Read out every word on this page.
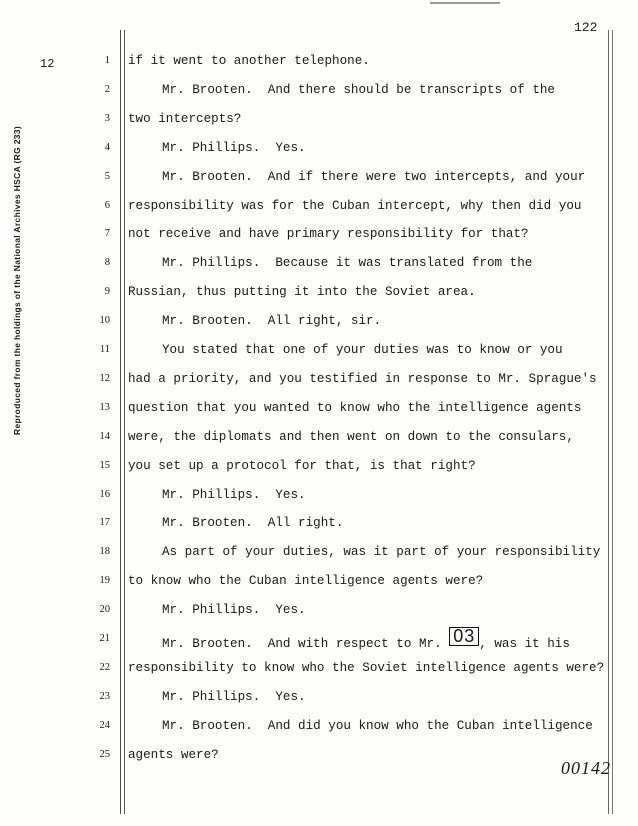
122
12
Reproduced from the holdings of the National Archives HSCA (RG 233)
1 if it went to another telephone.
2	Mr. Brooten.  And there should be transcripts of the
3 two intercepts?
4	Mr. Phillips.  Yes.
5	Mr. Brooten.  And if there were two intercepts, and your
6 responsibility was for the Cuban intercept, why then did you
7 not receive and have primary responsibility for that?
8	Mr. Phillips.  Because it was translated from the
9 Russian, thus putting it into the Soviet area.
10	Mr. Brooten.  All right, sir.
11	You stated that one of your duties was to know or you
12 had a priority, and you testified in response to Mr. Sprague's
13 question that you wanted to know who the intelligence agents
14 were, the diplomats and then went on down to the consulars,
15 you set up a protocol for that, is that right?
16	Mr. Phillips.  Yes.
17	Mr. Brooten.  All right.
18	As part of your duties, was it part of your responsibility
19 to know who the Cuban intelligence agents were?
20	Mr. Phillips.  Yes.
21	Mr. Brooten.  And with respect to Mr. 03 , was it his
22 responsibility to know who the Soviet intelligence agents were?
23	Mr. Phillips.  Yes.
24	Mr. Brooten.  And did you know who the Cuban intelligence
25 agents were?
00142
